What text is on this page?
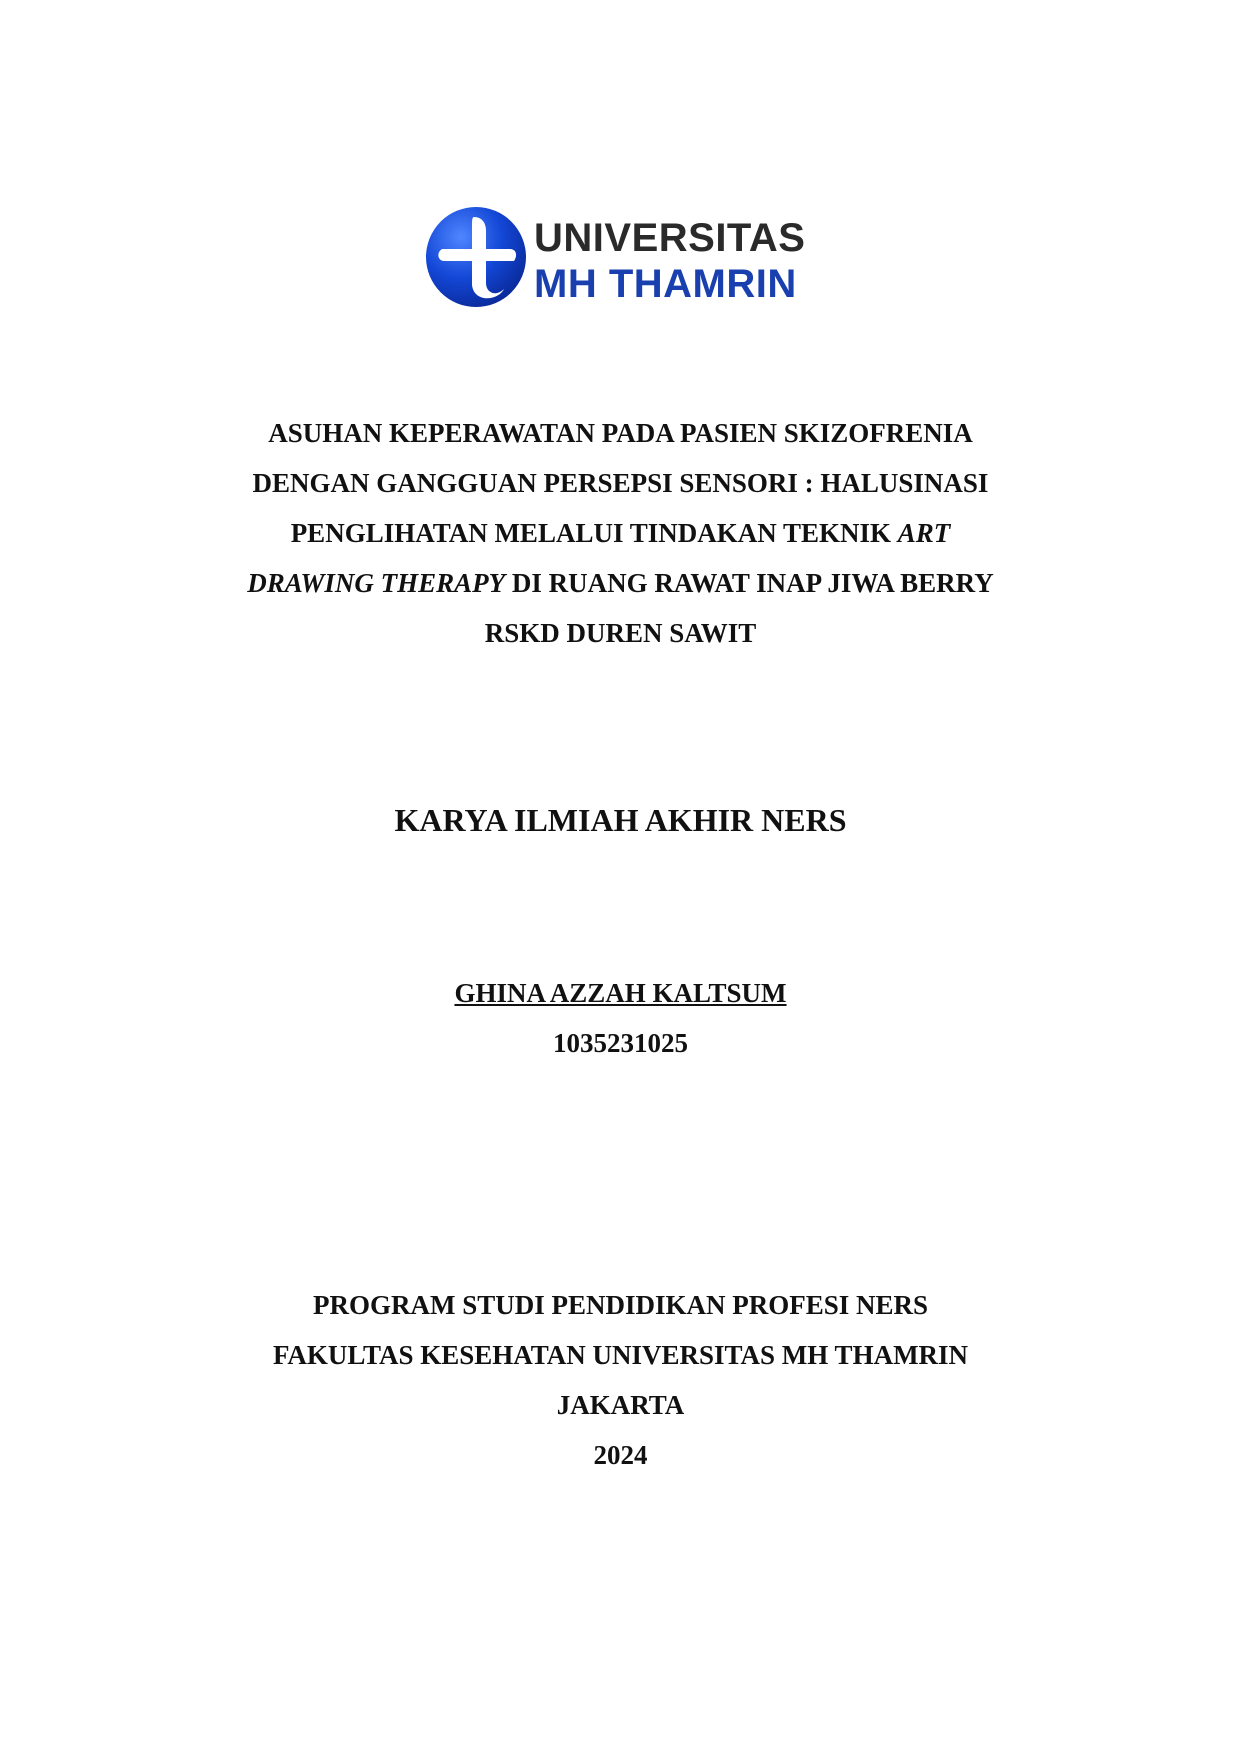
UNIVERSITAS
MH THAMRIN
ASUHAN KEPERAWATAN PADA PASIEN SKIZOFRENIA
DENGAN GANGGUAN PERSEPSI SENSORI : HALUSINASI
PENGLIHATAN MELALUI TINDAKAN TEKNIK ART
DRAWING THERAPY DI RUANG RAWAT INAP JIWA BERRY
RSKD DUREN SAWIT
KARYA ILMIAH AKHIR NERS
GHINA AZZAH KALTSUM
1035231025
PROGRAM STUDI PENDIDIKAN PROFESI NERS
FAKULTAS KESEHATAN UNIVERSITAS MH THAMRIN
JAKARTA
2024
